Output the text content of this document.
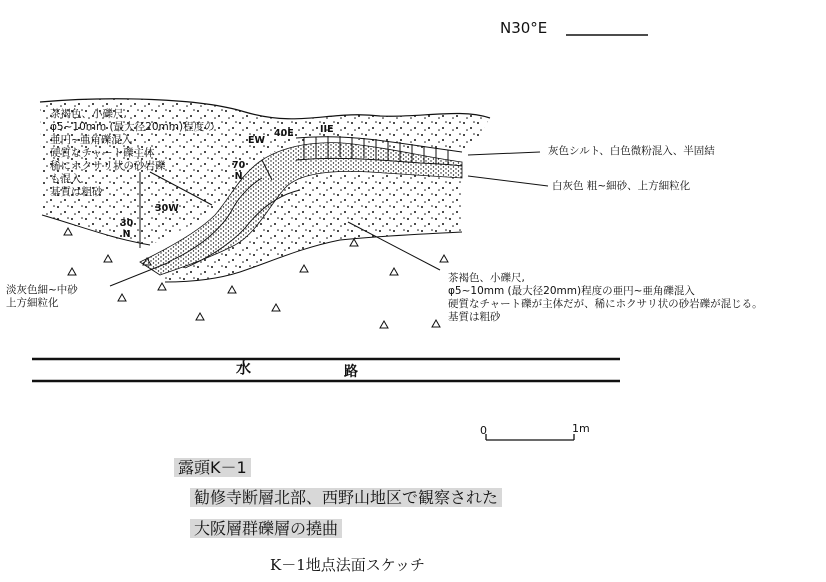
N30°E
茶褐色、小礫尺,
φ5~10mm (最大径20mm)程度の
亜円~亜角礫混入
硬質なチャート礫主体
稀にホクサリ状の砂岩礫
も混入
基質は粗砂
灰色シルト、白色微粉混入、半固結
白灰色 粗~細砂、上方細粒化
茶褐色、小礫尺,
φ5~10mm (最大径20mm)程度の亜円~亜角礫混入
硬質なチャート礫が主体だが、稀にホクサリ状の砂岩礫が混じる。
基質は粗砂
淡灰色細~中砂
上方細粒化
30
N
30W
EW
70
N
40E	IIE
水	路
0	1m
露頭K－1
勧修寺断層北部、西野山地区で観察された
大阪層群礫層の撓曲
K－1地点法面スケッチ
